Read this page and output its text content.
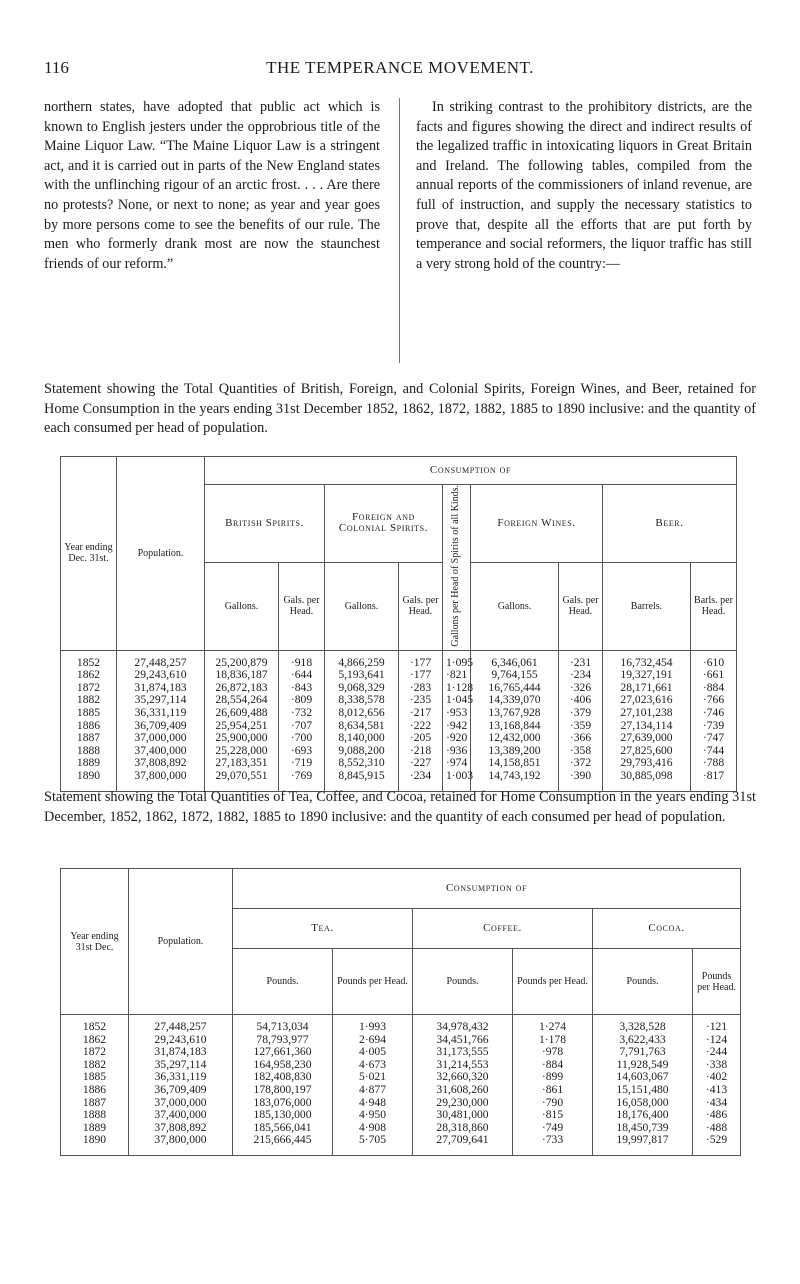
116	THE TEMPERANCE MOVEMENT.
northern states, have adopted that public act which is known to English jesters under the opprobrious title of the Maine Liquor Law. “The Maine Liquor Law is a stringent act, and it is carried out in parts of the New England states with the unflinching rigour of an arctic frost. . . . Are there no protests? None, or next to none; as year and year goes by more persons come to see the benefits of our rule. The men who formerly drank most are now the staunchest friends of our reform.”
In striking contrast to the prohibitory districts, are the facts and figures showing the direct and indirect results of the legalized traffic in intoxicating liquors in Great Britain and Ireland. The following tables, compiled from the annual reports of the commissioners of inland revenue, are full of instruction, and supply the necessary statistics to prove that, despite all the efforts that are put forth by temperance and social reformers, the liquor traffic has still a very strong hold of the country:—
Statement showing the Total Quantities of British, Foreign, and Colonial Spirits, Foreign Wines, and Beer, retained for Home Consumption in the years ending 31st December 1852, 1862, 1872, 1882, 1885 to 1890 inclusive: and the quantity of each consumed per head of population.
Year ending Dec. 31st.	Population.	Consumption of								
		British Spirits.		Foreign and Colonial Spirits.		Gallons per Head of Spirits of all Kinds.	Foreign Wines.		Beer.	
		Gallons.	Gals. per Head.	Gallons.	Gals. per Head.		Gallons.	Gals. per Head.	Barrels.	Barls. per Head.
1852	27,448,257	25,200,879	·918	4,866,259	·177	1·095	6,346,061	·231	16,732,454	·610
1862	29,243,610	18,836,187	·644	5,193,641	·177	·821	9,764,155	·234	19,327,191	·661
1872	31,874,183	26,872,183	·843	9,068,329	·283	1·128	16,765,444	·326	28,171,661	·884
1882	35,297,114	28,554,264	·809	8,338,578	·235	1·045	14,339,070	·406	27,023,616	·766
1885	36,331,119	26,609,488	·732	8,012,656	·217	·953	13,767,928	·379	27,101,238	·746
1886	36,709,409	25,954,251	·707	8,634,581	·222	·942	13,168,844	·359	27,134,114	·739
1887	37,000,000	25,900,000	·700	8,140,000	·205	·920	12,432,000	·366	27,639,000	·747
1888	37,400,000	25,228,000	·693	9,088,200	·218	·936	13,389,200	·358	27,825,600	·744
1889	37,808,892	27,183,351	·719	8,552,310	·227	·974	14,158,851	·372	29,793,416	·788
1890	37,800,000	29,070,551	·769	8,845,915	·234	1·003	14,743,192	·390	30,885,098	·817
Statement showing the Total Quantities of Tea, Coffee, and Cocoa, retained for Home Consumption in the years ending 31st December, 1852, 1862, 1872, 1882, 1885 to 1890 inclusive: and the quantity of each consumed per head of population.
Year ending 31st Dec.	Population.	Consumption of					
		Tea.		Coffee.		Cocoa.	
		Pounds.	Pounds per Head.	Pounds.	Pounds per Head.	Pounds.	Pounds per Head.
1852	27,448,257	54,713,034	1·993	34,978,432	1·274	3,328,528	·121
1862	29,243,610	78,793,977	2·694	34,451,766	1·178	3,622,433	·124
1872	31,874,183	127,661,360	4·005	31,173,555	·978	7,791,763	·244
1882	35,297,114	164,958,230	4·673	31,214,553	·884	11,928,549	·338
1885	36,331,119	182,408,830	5·021	32,660,320	·899	14,603,067	·402
1886	36,709,409	178,800,197	4·877	31,608,260	·861	15,151,480	·413
1887	37,000,000	183,076,000	4·948	29,230,000	·790	16,058,000	·434
1888	37,400,000	185,130,000	4·950	30,481,000	·815	18,176,400	·486
1889	37,808,892	185,566,041	4·908	28,318,860	·749	18,450,739	·488
1890	37,800,000	215,666,445	5·705	27,709,641	·733	19,997,817	·529
